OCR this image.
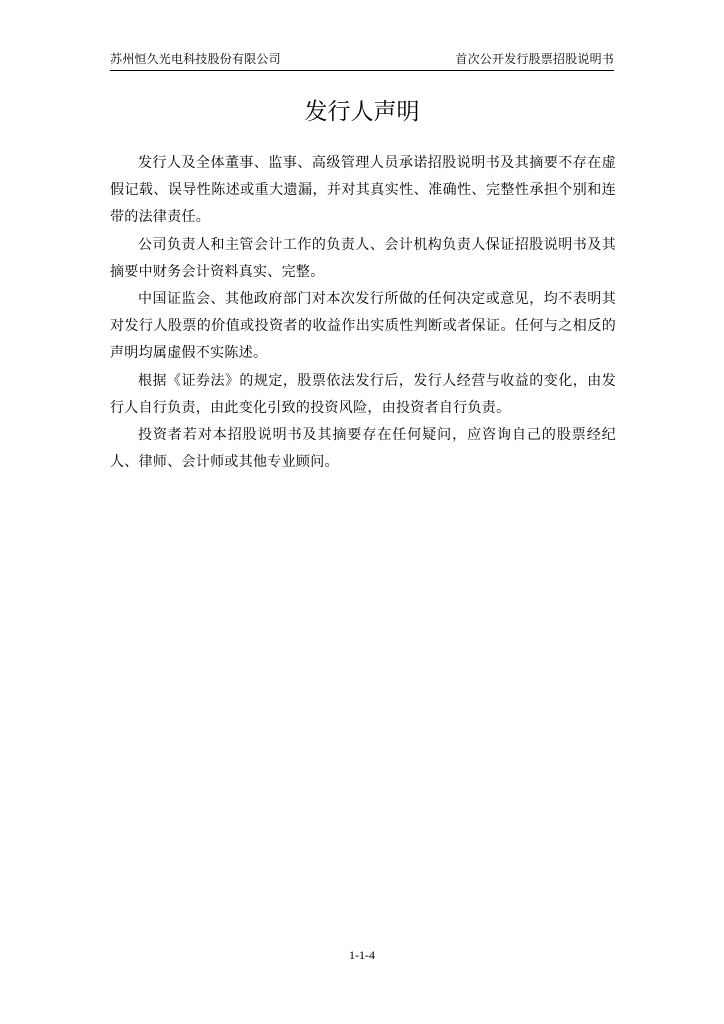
苏州恒久光电科技股份有限公司	首次公开发行股票招股说明书
发行人声明

发行人及全体董事、监事、高级管理人员承诺招股说明书及其摘要不存在虚假记载、误导性陈述或重大遗漏，并对其真实性、准确性、完整性承担个别和连带的法律责任。

公司负责人和主管会计工作的负责人、会计机构负责人保证招股说明书及其摘要中财务会计资料真实、完整。

中国证监会、其他政府部门对本次发行所做的任何决定或意见，均不表明其对发行人股票的价值或投资者的收益作出实质性判断或者保证。任何与之相反的声明均属虚假不实陈述。

根据《证券法》的规定，股票依法发行后，发行人经营与收益的变化，由发行人自行负责，由此变化引致的投资风险，由投资者自行负责。

投资者若对本招股说明书及其摘要存在任何疑问，应咨询自己的股票经纪人、律师、会计师或其他专业顾问。

1-1-4
